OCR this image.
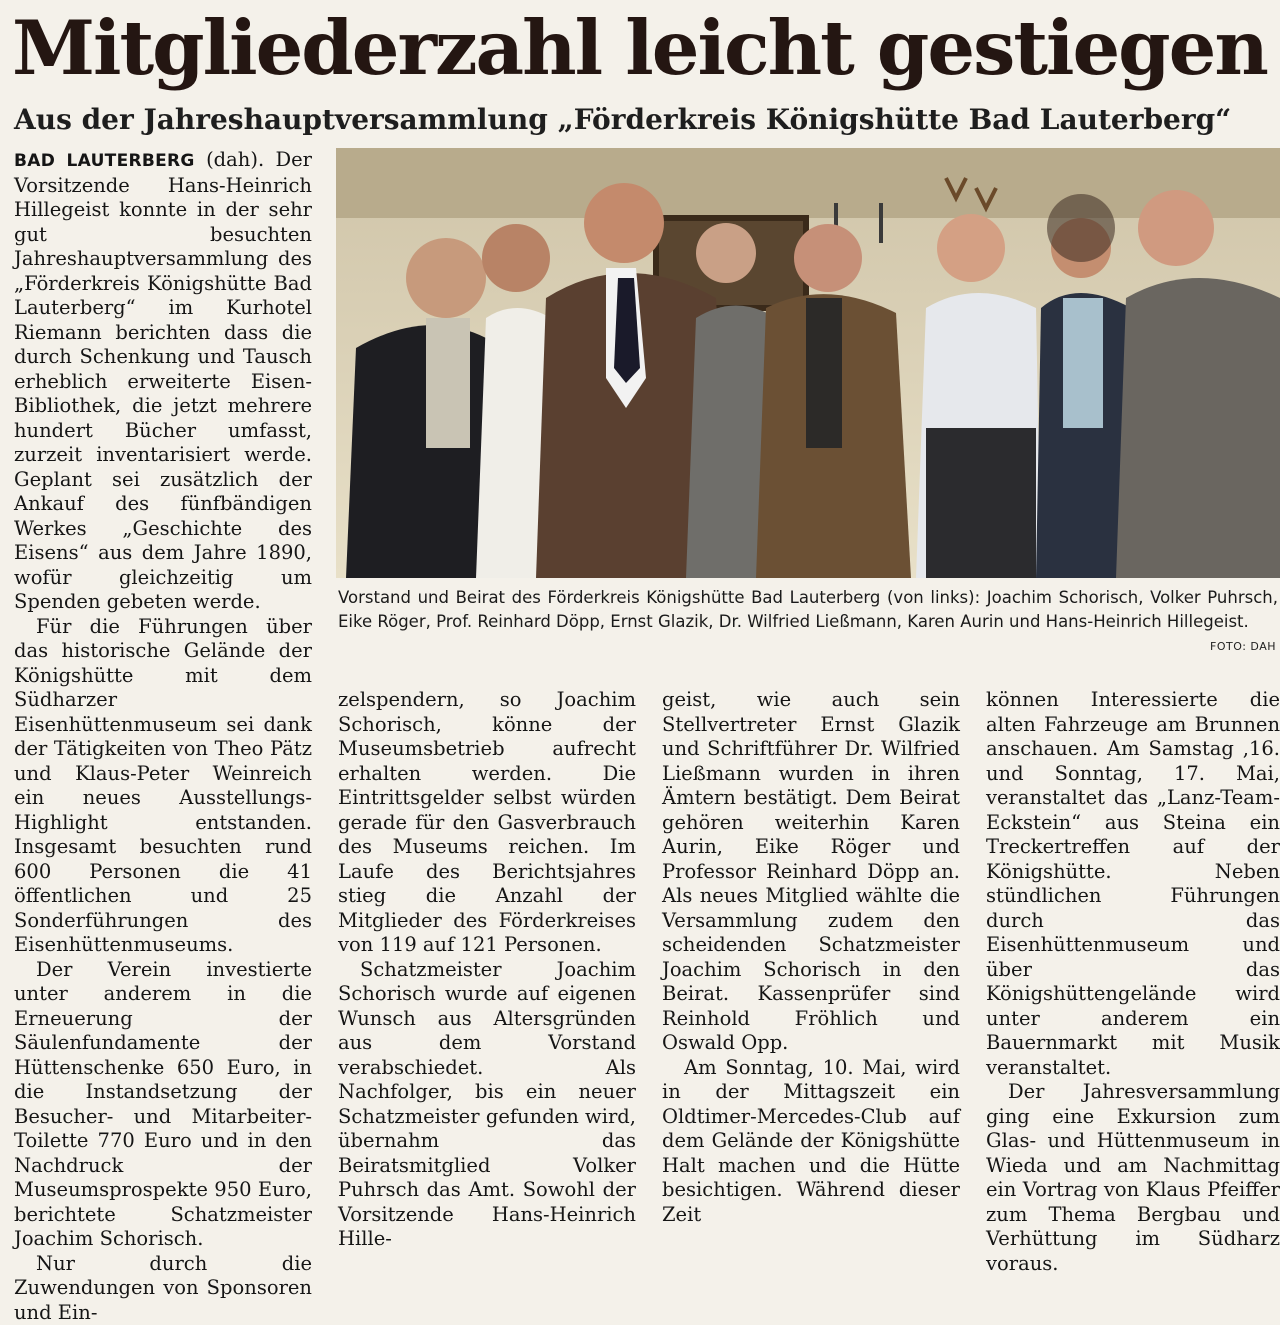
Mitgliederzahl leicht gestiegen
Aus der Jahreshauptversammlung „Förderkreis Königshütte Bad Lauterberg“

BAD LAUTERBERG (dah). Der Vorsitzende Hans-Heinrich Hillegeist konnte in der sehr gut besuchten Jahreshauptversammlung des „Förderkreis Königshütte Bad Lauterberg“ im Kurhotel Riemann berichten dass die durch Schenkung und Tausch erheblich erweiterte Eisen-Bibliothek, die jetzt mehrere hundert Bücher umfasst, zurzeit inventarisiert werde. Geplant sei zusätzlich der Ankauf des fünfbändigen Werkes „Geschichte des Eisens“ aus dem Jahre 1890, wofür gleichzeitig um Spenden gebeten werde.

Für die Führungen über das historische Gelände der Königshütte mit dem Südharzer Eisenhüttenmuseum sei dank der Tätigkeiten von Theo Pätz und Klaus-Peter Weinreich ein neues Ausstellungs-Highlight entstanden. Insgesamt besuchten rund 600 Personen die 41 öffentlichen und 25 Sonderführungen des Eisenhüttenmuseums.

Der Verein investierte unter anderem in die Erneuerung der Säulenfundamente der Hüttenschenke 650 Euro, in die Instandsetzung der Besucher- und Mitarbeiter-Toilette 770 Euro und in den Nachdruck der Museumsprospekte 950 Euro, berichtete Schatzmeister Joachim Schorisch.

Nur durch die Zuwendungen von Sponsoren und Ein-

Vorstand und Beirat des Förderkreis Königshütte Bad Lauterberg (von links): Joachim Schorisch, Volker Puhrsch, Eike Röger, Prof. Reinhard Döpp, Ernst Glazik, Dr. Wilfried Ließmann, Karen Aurin und Hans-Heinrich Hillegeist.

FOTO: DAH

zelspendern, so Joachim Schorisch, könne der Museumsbetrieb aufrecht erhalten werden. Die Eintrittsgelder selbst würden gerade für den Gasverbrauch des Museums reichen. Im Laufe des Berichtsjahres stieg die Anzahl der Mitglieder des Förderkreises von 119 auf 121 Personen.

Schatzmeister Joachim Schorisch wurde auf eigenen Wunsch aus Altersgründen aus dem Vorstand verabschiedet. Als Nachfolger, bis ein neuer Schatzmeister gefunden wird, übernahm das Beiratsmitglied Volker Puhrsch das Amt. Sowohl der Vorsitzende Hans-Heinrich Hille-

geist, wie auch sein Stellvertreter Ernst Glazik und Schriftführer Dr. Wilfried Ließmann wurden in ihren Ämtern bestätigt. Dem Beirat gehören weiterhin Karen Aurin, Eike Röger und Professor Reinhard Döpp an. Als neues Mitglied wählte die Versammlung zudem den scheidenden Schatzmeister Joachim Schorisch in den Beirat. Kassenprüfer sind Reinhold Fröhlich und Oswald Opp.

Am Sonntag, 10. Mai, wird in der Mittagszeit ein Oldtimer-Mercedes-Club auf dem Gelände der Königshütte Halt machen und die Hütte besichtigen. Während dieser Zeit

können Interessierte die alten Fahrzeuge am Brunnen anschauen. Am Samstag ,16. und Sonntag, 17. Mai, veranstaltet das „Lanz-Team-Eckstein“ aus Steina ein Treckertreffen auf der Königshütte. Neben stündlichen Führungen durch das Eisenhüttenmuseum und über das Königshüttengelände wird unter anderem ein Bauernmarkt mit Musik veranstaltet.

Der Jahresversammlung ging eine Exkursion zum Glas- und Hüttenmuseum in Wieda und am Nachmittag ein Vortrag von Klaus Pfeiffer zum Thema Bergbau und Verhüttung im Südharz voraus.
